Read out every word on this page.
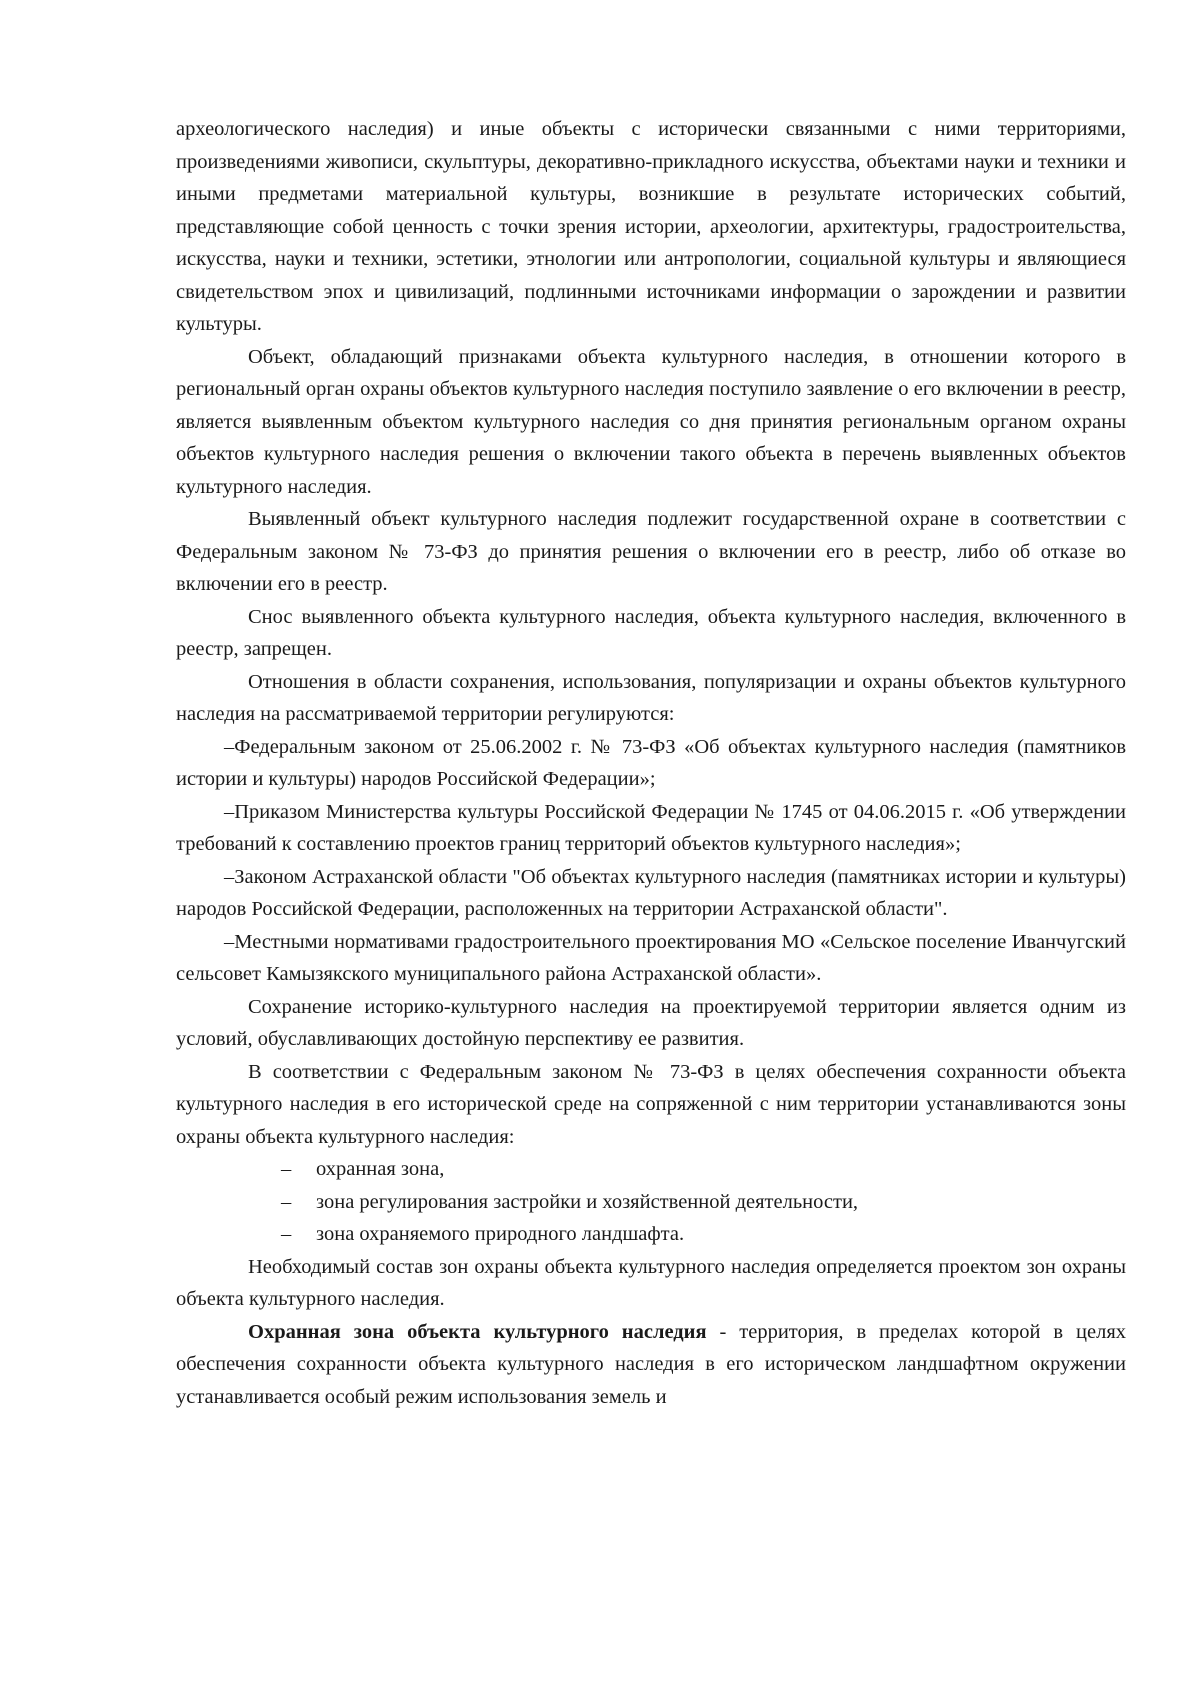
археологического наследия) и иные объекты с исторически связанными с ними территориями, произведениями живописи, скульптуры, декоративно-прикладного искусства, объектами науки и техники и иными предметами материальной культуры, возникшие в результате исторических событий, представляющие собой ценность с точки зрения истории, археологии, архитектуры, градостроительства, искусства, науки и техники, эстетики, этнологии или антропологии, социальной культуры и являющиеся свидетельством эпох и цивилизаций, подлинными источниками информации о зарождении и развитии культуры.

Объект, обладающий признаками объекта культурного наследия, в отношении которого в региональный орган охраны объектов культурного наследия поступило заявление о его включении в реестр, является выявленным объектом культурного наследия со дня принятия региональным органом охраны объектов культурного наследия решения о включении такого объекта в перечень выявленных объектов культурного наследия.

Выявленный объект культурного наследия подлежит государственной охране в соответствии с Федеральным законом № 73-ФЗ до принятия решения о включении его в реестр, либо об отказе во включении его в реестр.

Снос выявленного объекта культурного наследия, объекта культурного наследия, включенного в реестр, запрещен.

Отношения в области сохранения, использования, популяризации и охраны объектов культурного наследия на рассматриваемой территории регулируются:

–Федеральным законом от 25.06.2002 г. № 73-ФЗ «Об объектах культурного наследия (памятников истории и культуры) народов Российской Федерации»;

–Приказом Министерства культуры Российской Федерации № 1745 от 04.06.2015 г. «Об утверждении требований к составлению проектов границ территорий объектов культурного наследия»;

–Законом Астраханской области "Об объектах культурного наследия (памятниках истории и культуры) народов Российской Федерации, расположенных на территории Астраханской области".

–Местными нормативами градостроительного проектирования МО «Сельское поселение Иванчугский сельсовет Камызякского муниципального района Астраханской области».

Сохранение историко-культурного наследия на проектируемой территории является одним из условий, обуславливающих достойную перспективу ее развития.

В соответствии с Федеральным законом № 73-ФЗ в целях обеспечения сохранности объекта культурного наследия в его исторической среде на сопряженной с ним территории устанавливаются зоны охраны объекта культурного наследия:

– охранная зона,
– зона регулирования застройки и хозяйственной деятельности,
– зона охраняемого природного ландшафта.

Необходимый состав зон охраны объекта культурного наследия определяется проектом зон охраны объекта культурного наследия.

Охранная зона объекта культурного наследия - территория, в пределах которой в целях обеспечения сохранности объекта культурного наследия в его историческом ландшафтном окружении устанавливается особый режим использования земель и
